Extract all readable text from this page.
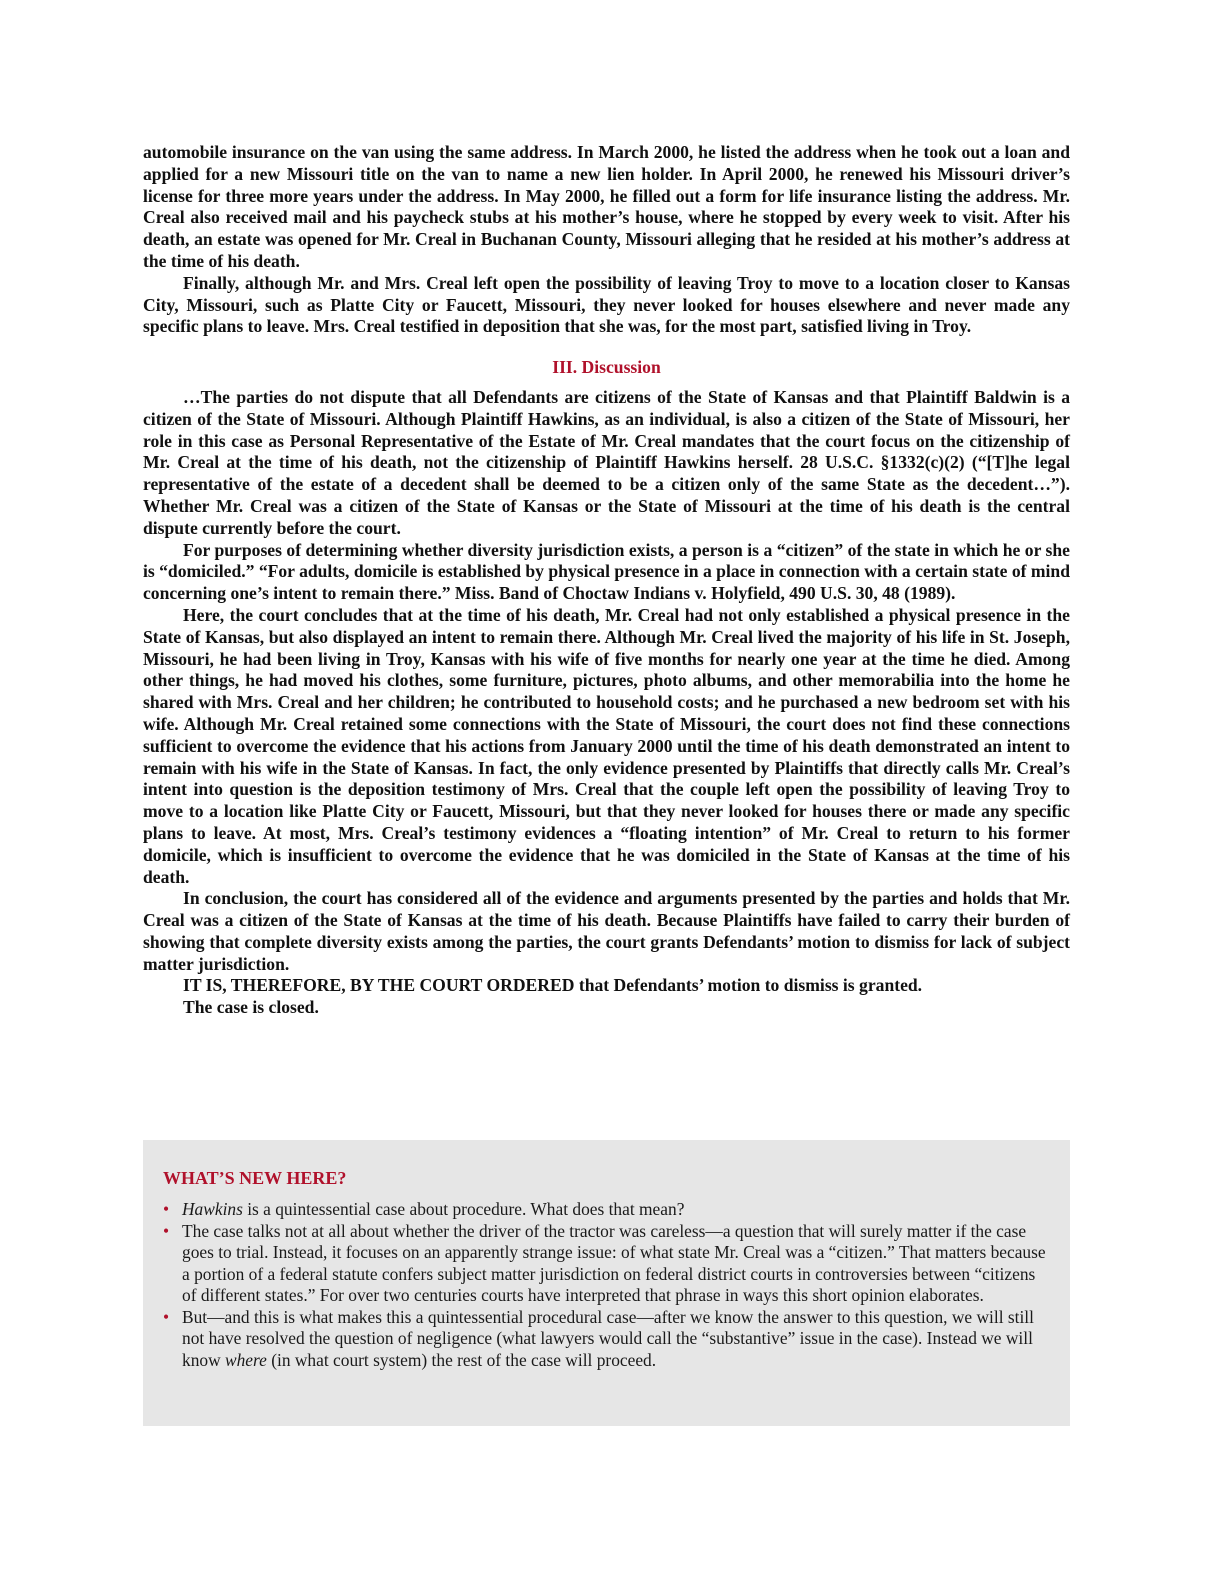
automobile insurance on the van using the same address. In March 2000, he listed the address when he took out a loan and applied for a new Missouri title on the van to name a new lien holder. In April 2000, he renewed his Missouri driver’s license for three more years under the address. In May 2000, he filled out a form for life insurance listing the address. Mr. Creal also received mail and his paycheck stubs at his mother’s house, where he stopped by every week to visit. After his death, an estate was opened for Mr. Creal in Buchanan County, Missouri alleging that he resided at his mother’s address at the time of his death.

Finally, although Mr. and Mrs. Creal left open the possibility of leaving Troy to move to a location closer to Kansas City, Missouri, such as Platte City or Faucett, Missouri, they never looked for houses elsewhere and never made any specific plans to leave. Mrs. Creal testified in deposition that she was, for the most part, satisfied living in Troy.

III. Discussion

…The parties do not dispute that all Defendants are citizens of the State of Kansas and that Plaintiff Baldwin is a citizen of the State of Missouri. Although Plaintiff Hawkins, as an individual, is also a citizen of the State of Missouri, her role in this case as Personal Representative of the Estate of Mr. Creal mandates that the court focus on the citizenship of Mr. Creal at the time of his death, not the citizenship of Plaintiff Hawkins herself. 28 U.S.C. §1332(c)(2) (“[T]he legal representative of the estate of a decedent shall be deemed to be a citizen only of the same State as the decedent…”). Whether Mr. Creal was a citizen of the State of Kansas or the State of Missouri at the time of his death is the central dispute currently before the court.

For purposes of determining whether diversity jurisdiction exists, a person is a “citizen” of the state in which he or she is “domiciled.” “For adults, domicile is established by physical presence in a place in connection with a certain state of mind concerning one’s intent to remain there.” Miss. Band of Choctaw Indians v. Holyfield, 490 U.S. 30, 48 (1989).

Here, the court concludes that at the time of his death, Mr. Creal had not only established a physical presence in the State of Kansas, but also displayed an intent to remain there. Although Mr. Creal lived the majority of his life in St. Joseph, Missouri, he had been living in Troy, Kansas with his wife of five months for nearly one year at the time he died. Among other things, he had moved his clothes, some furniture, pictures, photo albums, and other memorabilia into the home he shared with Mrs. Creal and her children; he contributed to household costs; and he purchased a new bedroom set with his wife. Although Mr. Creal retained some connections with the State of Missouri, the court does not find these connections sufficient to overcome the evidence that his actions from January 2000 until the time of his death demonstrated an intent to remain with his wife in the State of Kansas. In fact, the only evidence presented by Plaintiffs that directly calls Mr. Creal’s intent into question is the deposition testimony of Mrs. Creal that the couple left open the possibility of leaving Troy to move to a location like Platte City or Faucett, Missouri, but that they never looked for houses there or made any specific plans to leave. At most, Mrs. Creal’s testimony evidences a “floating intention” of Mr. Creal to return to his former domicile, which is insufficient to overcome the evidence that he was domiciled in the State of Kansas at the time of his death.

In conclusion, the court has considered all of the evidence and arguments presented by the parties and holds that Mr. Creal was a citizen of the State of Kansas at the time of his death. Because Plaintiffs have failed to carry their burden of showing that complete diversity exists among the parties, the court grants Defendants’ motion to dismiss for lack of subject matter jurisdiction.

IT IS, THEREFORE, BY THE COURT ORDERED that Defendants’ motion to dismiss is granted.

The case is closed.

WHAT’S NEW HERE?
•
Hawkins is a quintessential case about procedure. What does that mean?
•
The case talks not at all about whether the driver of the tractor was careless—a question that will surely matter if the case goes to trial. Instead, it focuses on an apparently strange issue: of what state Mr. Creal was a “citizen.” That matters because a portion of a federal statute confers subject matter jurisdiction on federal district courts in controversies between “citizens of different states.” For over two centuries courts have interpreted that phrase in ways this short opinion elaborates.
•
But—and this is what makes this a quintessential procedural case—after we know the answer to this question, we will still not have resolved the question of negligence (what lawyers would call the “substantive” issue in the case). Instead we will know where (in what court system) the rest of the case will proceed.
